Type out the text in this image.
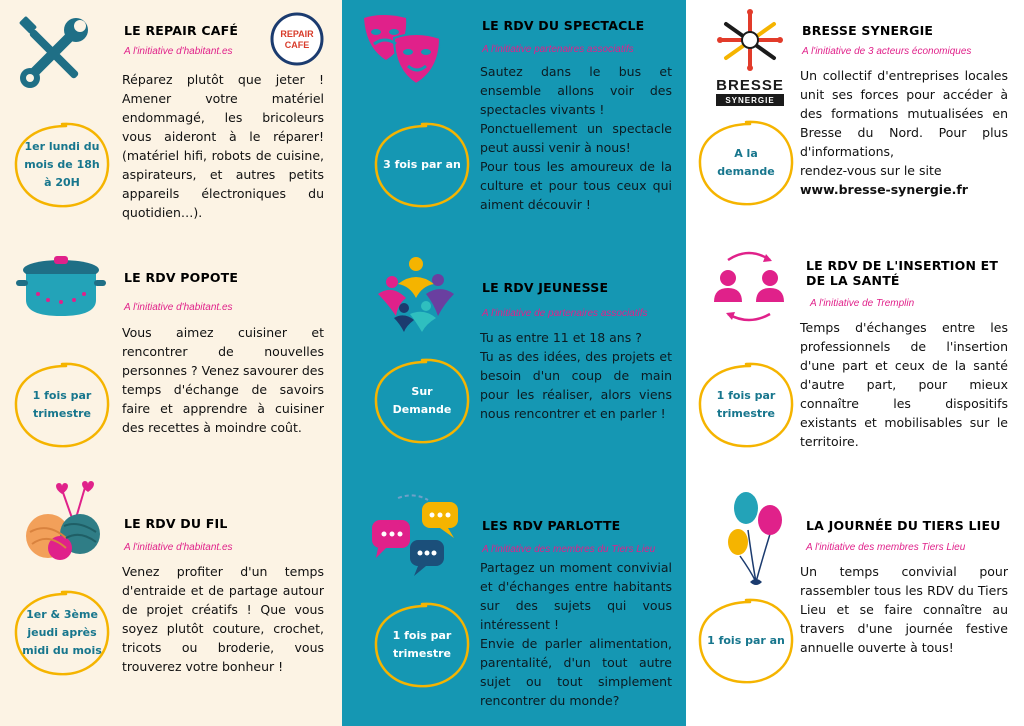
LE REPAIR CAFÉ
A l'initiative d'habitant.es
REPAIR
CAFE
Réparez plutôt que jeter ! Amener votre matériel endommagé, les bricoleurs vous aideront à le réparer! (matériel hifi, robots de cuisine, aspirateurs, et autres petits appareils électroniques du quotidien…).
1er lundi du mois de 18h à 20H
LE RDV POPOTE
A l'initiative d'habitant.es
Vous aimez cuisiner et rencontrer de nouvelles personnes ? Venez savourer des temps d'échange de savoirs faire et apprendre à cuisiner des recettes à moindre coût.
1 fois par trimestre
LE RDV DU FIL
A l'initiative d'habitant.es
Venez profiter d'un temps d'entraide et de partage autour de projet créatifs ! Que vous soyez plutôt couture, crochet, tricots ou broderie, vous trouverez votre bonheur !
1er & 3ème jeudi après midi du mois
LE RDV DU SPECTACLE
A l'initiative partenaires associatifs

Sautez dans le bus et ensemble allons voir des spectacles vivants !

Ponctuellement un spectacle peut aussi venir à nous!

Pour tous les amoureux de la culture et pour tous ceux qui aiment découvir !

3 fois par an
LE RDV JEUNESSE
A l'initiative de partenaires associatifs

Tu as entre 11 et 18 ans ?

Tu as des idées, des projets et besoin d'un coup de main pour les réaliser, alors viens nous rencontrer et en parler !

Sur Demande
LES RDV PARLOTTE
A l'initiative des membres du Tiers Lieu

Partagez un moment convivial et d'échanges entre habitants sur des sujets qui vous intéressent !

Envie de parler alimentation, parentalité, d'un tout autre sujet ou tout simplement rencontrer du monde?

1 fois par trimestre
BRESSE
SYNERGIE
BRESSE SYNERGIE
A l'initiative de 3 acteurs économiques

Un collectif d'entreprises locales unit ses forces pour accéder à des formations mutualisées en Bresse du Nord. Pour plus d'informations,

rendez-vous sur le site

www.bresse-synergie.fr

A la demande
LE RDV DE L'INSERTION ET
DE LA SANTÉ
A l'initiative de Tremplin
Temps d'échanges entre les professionnels de l'insertion d'une part et ceux de la santé d'autre part, pour mieux connaître les dispositifs existants et mobilisables sur le territoire.
1 fois par trimestre
LA JOURNÉE DU TIERS LIEU
A l'initiative des membres Tiers Lieu
Un temps convivial pour rassembler tous les RDV du Tiers Lieu et se faire connaître au travers d'une journée festive annuelle ouverte à tous!
1 fois par an
